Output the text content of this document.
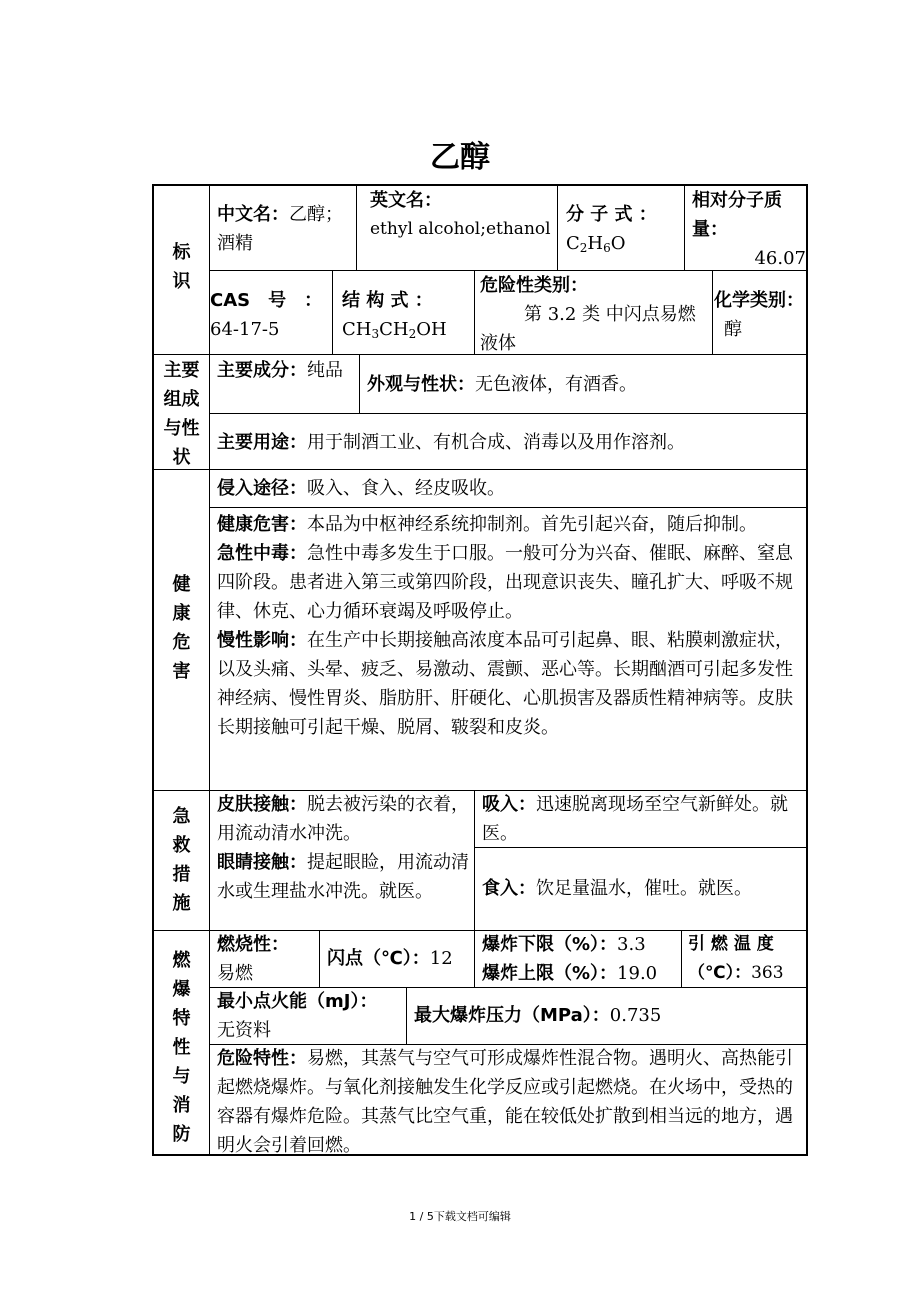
乙醇
标识
主要组成与性状
健康危害
急救措施
燃爆特性与消防
中文名：乙醇；酒精
英文名：
ethyl alcohol;ethanol
分 子 式 ：
$C_2H_6O$
相对分子质量：
46.07
CAS　号　：
64-17-5
结 构 式 ：
$CH_3CH_2OH$
危险性类别：
第 3.2 类 中闪点易燃液体
化学类别：
醇
主要成分：纯品
外观与性状：无色液体，有酒香。
主要用途：用于制酒工业、有机合成、消毒以及用作溶剂。
侵入途径：吸入、食入、经皮吸收。
健康危害：本品为中枢神经系统抑制剂。首先引起兴奋，随后抑制。
急性中毒：急性中毒多发生于口服。一般可分为兴奋、催眠、麻醉、窒息四阶段。患者进入第三或第四阶段，出现意识丧失、瞳孔扩大、呼吸不规律、休克、心力循环衰竭及呼吸停止。
慢性影响：在生产中长期接触高浓度本品可引起鼻、眼、粘膜刺激症状，以及头痛、头晕、疲乏、易激动、震颤、恶心等。长期酗酒可引起多发性神经病、慢性胃炎、脂肪肝、肝硬化、心肌损害及器质性精神病等。皮肤长期接触可引起干燥、脱屑、皲裂和皮炎。
皮肤接触：脱去被污染的衣着，用流动清水冲洗。
眼睛接触：提起眼睑，用流动清水或生理盐水冲洗。就医。
吸入：迅速脱离现场至空气新鲜处。就医。
食入：饮足量温水，催吐。就医。
燃烧性：
易燃
闪点（℃）：12
爆炸下限（%）：3.3
爆炸上限（%）：19.0
引 燃 温 度（℃）：363
最小点火能（mJ）：
无资料
最大爆炸压力（MPa）：0.735
危险特性：易燃，其蒸气与空气可形成爆炸性混合物。遇明火、高热能引起燃烧爆炸。与氧化剂接触发生化学反应或引起燃烧。在火场中，受热的容器有爆炸危险。其蒸气比空气重，能在较低处扩散到相当远的地方，遇明火会引着回燃。
1 / 5下载文档可编辑
